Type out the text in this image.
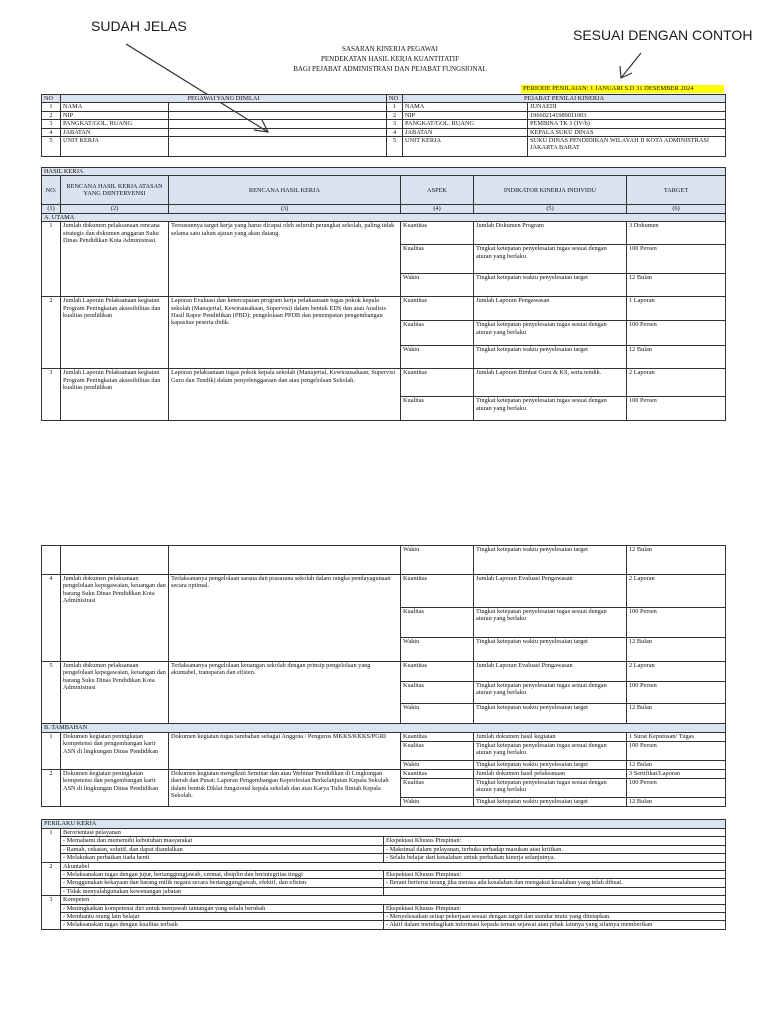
SUDAH JELAS
SESUAI DENGAN CONTOH
SASARAN KINERJA PEGAWAI
PENDEKATAN HASIL KERJA KUANTITATIF
BAGI PEJABAT ADMINISTRASI DAN PEJABAT FUNGSIONAL
PERIODE PENILAIAN: 1 JANUARI S.D 31 DESEMBER 2024
NO	PEGAWAI YANG DINILAI		NO	PEJABAT PENILAI KINERJA	
1	NAMA		1	NAMA	JUNAEDI
2	NIP		2	NIP	196602141989011003
3	PANGKAT/GOL. RUANG		3	PANGKAT/GOL. RUANG	PEMBINA TK 1 (IV/b)
4	JABATAN		4	JABATAN	KEPALA SUKU DINAS
5	UNIT KERJA		5	UNIT KERJA	SUKU DINAS PENDIDIKAN WILAYAH II KOTA ADMINISTRASI JAKARTA BARAT
HASIL KERJA					
NO.	RENCANA HASIL KERJA ATASAN YANG DIINTERVENSI	RENCANA HASIL KERJA	ASPEK	INDIKATOR KINERJA INDIVIDU	TARGET
(1)	(2)	(3)	(4)	(5)	(6)
A. UTAMA					
1	Jumlah dokumen pelaksanaan rencana strategis dan dokumen anggaran Suku Dinas Pendidikan Kota Administrasi.	Tersusunnya target kerja yang harus dicapai oleh seluruh perangkat sekolah, paling tidak selama satu tahun ajaran yang akan datang.	Kuantitas	Jumlah Dokumen Program	3 Dokumen
			Kualitas	Tingkat ketepatan penyelesaian tugas sesuai dengan aturan yang berlaku	100 Persen
			Waktu	Tingkat ketepatan waktu penyelesaian target	12 Bulan
2	Jumlah Laporan Pelaksanaan kegiatan Program Peningkatan aksesibilitas dan kualitas pendidikan	Laporan Evaluasi dan ketercapaian program kerja pelaksanaan tugas pokok kepala sekolah (Manajerial, Kewirausahaan, Supervisi) dalam bentuk EDS dan atau Analisis Hasil Rapor Pendidikan (PBD); pengelolaan PPDB dan penempatan pengembangan kapasitas peserta didik.	Kuantitas	Jumlah Laporan Pengawasan	1 Laporan
			Kualitas	Tingkat ketepatan penyelesaian tugas sesuai dengan aturan yang berlaku	100 Persen
			Waktu	Tingkat ketepatan waktu penyelesaian target	12 Bulan
3	Jumlah Laporan Pelaksanaan kegiatan Program Peningkatan aksesibilitas dan kualitas pendidikan	Laporan pelaksanaan tugas pokok kepala sekolah (Manajerial, Kewirausahaan, Supervisi Guru dan Tendik) dalam penyelenggaraan dan atau pengelolaan Sekolah.	Kuantitas	Jumlah Laporan Bimbat Guru & KS, serta tendik.	2 Laporan
			Kualitas	Tingkat ketepatan penyelesaian tugas sesuai dengan aturan yang berlaku	100 Persen
			Waktu	Tingkat ketepatan waktu penyelesaian target	12 Bulan
4	Jumlah dokumen pelaksanaan pengelolaan kepegawaian, keuangan dan barang Suku Dinas Pendidikan Kota Administrasi	Terlaksananya pengelolaan sarana dan prasarana sekolah dalam rangka pendayagunaan secara optimal.	Kuantitas	Jumlah Laporan Evaluasi Pengawasan	2 Laporan
			Kualitas	Tingkat ketepatan penyelesaian tugas sesuai dengan aturan yang berlaku	100 Persen
			Waktu	Tingkat ketepatan waktu penyelesaian target	12 Bulan
5	Jumlah dokumen pelaksanaan pengelolaan kepegawaian, keuangan dan barang Suku Dinas Pendidikan Kota Administrasi	Terlaksananya pengelolaan keuangan sekolah dengan prinsip pengelolaan yang akuntabel, transparan dan efisien.	Kuantitas	Jumlah Laporan Evaluasi Pengawasan	2 Laporan
			Kualitas	Tingkat ketepatan penyelesaian tugas sesuai dengan aturan yang berlaku	100 Persen
			Waktu	Tingkat ketepatan waktu penyelesaian target	12 Bulan
B. TAMBAHAN					
1	Dokumen kegiatan peningkatan kompetensi dan pengembangan karir ASN di lingkungan Dinas Pendidikan	Dokumen kegiatan tugas tambahan sebagai Anggota / Pengurus MKKS/KKKS/PGRI	Kuantitas	Jumlah dokumen hasil kegiatan	1 Surat Keputusan/ Tugas
			Kualitas	Tingkat ketepatan penyelesaian tugas sesuai dengan aturan yang berlaku	100 Persen
			Waktu	Tingkat ketepatan waktu penyelesaian target	12 Bulan
2	Dokumen kegiatan peningkatan kompetensi dan pengembangan karir ASN di lingkungan Dinas Pendidikan	Dokumen kegiatan mengikuti Seminar dan atau Webinar Pendidikan di Lingkungan daerah dan Pusat; Laporan Pengembangan Keprofesian Berkelanjutan Kepala Sekolah dalam bentuk Diklat fungsional kepala sekolah dan atau Karya Tulis Ilmiah Kepala Sekolah.	Kuantitas	Jumlah dokumen hasil pelaksanaan	3 Sertifikat/Laporan
			Kualitas	Tingkat ketepatan penyelesaian tugas sesuai dengan aturan yang berlaku	100 Persen
			Waktu	Tingkat ketepatan waktu penyelesaian target	12 Bulan
PERILAKU KERJA		
1	Berorientasi pelayanan	
	- Memahami dan memenuhi kebutuhan masyarakat	Ekspektasi Khusus Pimpinan:
	- Ramah, cekatan, solutif, dan dapat diandalkan	- Maksimal dalam pelayanan, terbuka terhadap masukan atau kritikan.
	- Melakukan perbaikan tiada henti	- Selalu belajar dari kesalahan untuk perbaikan kinerja selanjutnya.
2	Akuntabel	
	- Melaksanakan tugas dengan jujur, bertanggungjawab, cermat, disiplin dan berintegritas tinggi	Ekspektasi Khusus Pimpinan:
	- Menggunakan kekayaan dan barang milik negara secara bertanggungjawab, efektif, dan efisien	- Berani berterus terang jika merasa ada kesalahan dan mengakui kesalahan yang telah dibuat.
	- Tidak menyalahgunakan kewenangan jabatan	
3	Kompeten	
	- Meningkatkan kompetensi diri untuk menjawab tantangan yang selalu berubah	Ekspektasi Khusus Pimpinan:
	- Membantu orang lain belajar	- Menyelesaikan setiap pekerjaan sesuai dengan target dan standar mutu yang ditetapkan.
	- Melaksanakan tugas dengan kualitas terbaik	- Aktif dalam membagikan informasi kepada teman sejawat atau pihak lainnya yang sifatnya memberikan
